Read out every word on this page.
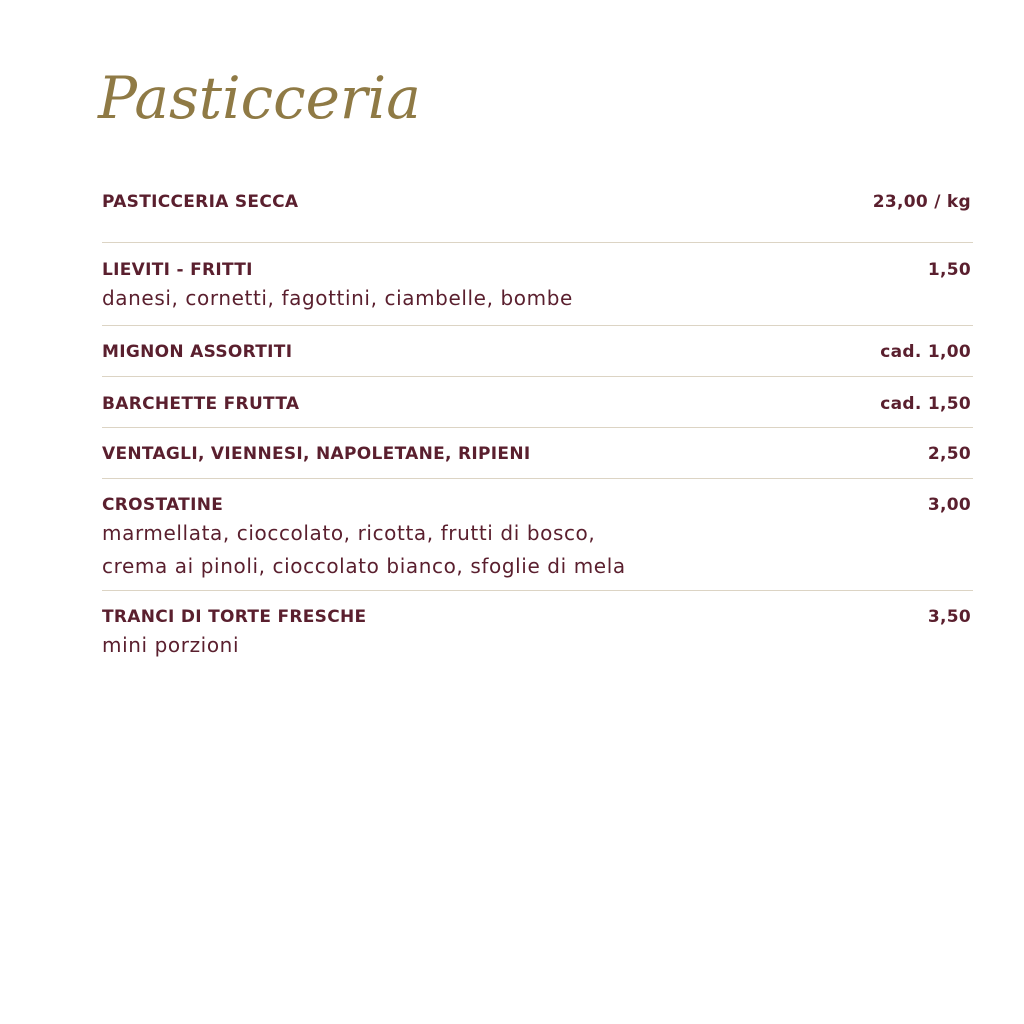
Pasticceria
PASTICCERIA SECCA	23,00 / kg
LIEVITI - FRITTI	1,50
danesi, cornetti, fagottini, ciambelle, bombe
MIGNON ASSORTITI	cad. 1,00
BARCHETTE FRUTTA	cad. 1,50
VENTAGLI, VIENNESI, NAPOLETANE, RIPIENI	2,50
CROSTATINE	3,00
marmellata, cioccolato, ricotta, frutti di bosco,
crema ai pinoli, cioccolato bianco, sfoglie di mela
TRANCI DI TORTE FRESCHE	3,50
mini porzioni
